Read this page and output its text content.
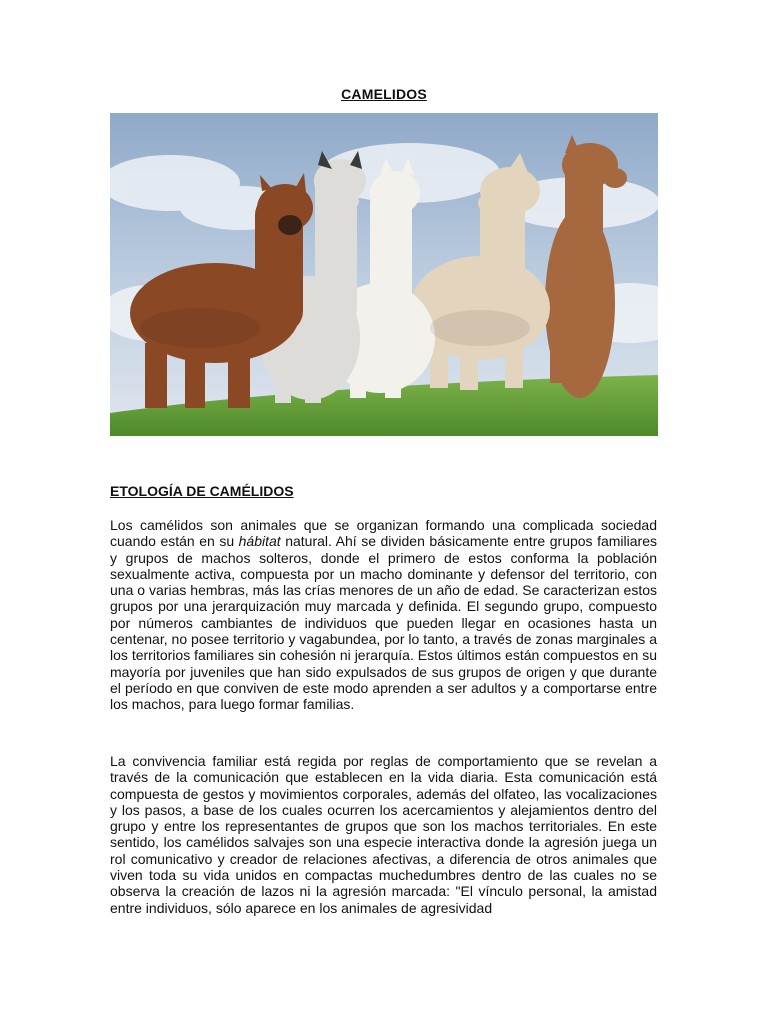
CAMELIDOS
ETOLOGÍA DE CAMÉLIDOS

Los camélidos son animales que se organizan formando una complicada sociedad cuando están en su hábitat natural. Ahí se dividen básicamente entre grupos familiares y grupos de machos solteros, donde el primero de estos conforma la población sexualmente activa, compuesta por un macho dominante y defensor del territorio, con una o varias hembras, más las crías menores de un año de edad. Se caracterizan estos grupos por una jerarquización muy marcada y definida. El segundo grupo, compuesto por números cambiantes de individuos que pueden llegar en ocasiones hasta un centenar, no posee territorio y vagabundea, por lo tanto, a través de zonas marginales a los territorios familiares sin cohesión ni jerarquía. Estos últimos están compuestos en su mayoría por juveniles que han sido expulsados de sus grupos de origen y que durante el período en que conviven de este modo aprenden a ser adultos y a comportarse entre los machos, para luego formar familias.

La convivencia familiar está regida por reglas de comportamiento que se revelan a través de la comunicación que establecen en la vida diaria. Esta comunicación está compuesta de gestos y movimientos corporales, además del olfateo, las vocalizaciones y los pasos, a base de los cuales ocurren los acercamientos y alejamientos dentro del grupo y entre los representantes de grupos que son los machos territoriales. En este sentido, los camélidos salvajes son una especie interactiva donde la agresión juega un rol comunicativo y creador de relaciones afectivas, a diferencia de otros animales que viven toda su vida unidos en compactas muchedumbres dentro de las cuales no se observa la creación de lazos ni la agresión marcada: "El vínculo personal, la amistad entre individuos, sólo aparece en los animales de agresividad
